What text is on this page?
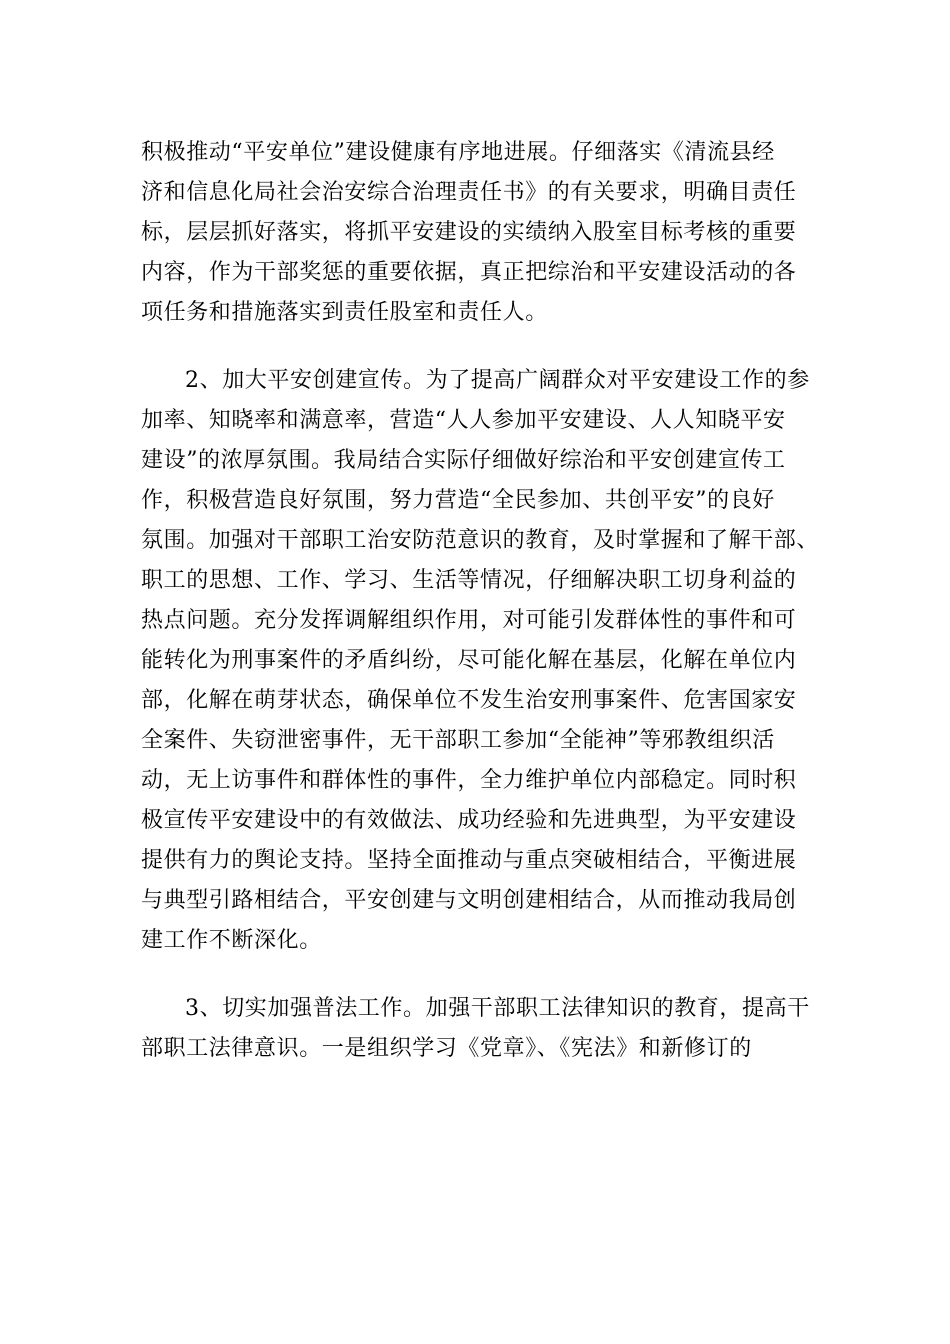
积极推动“平安单位”建设健康有序地进展。仔细落实《清流县经
济和信息化局社会治安综合治理责任书》的有关要求，明确目责任
标，层层抓好落实，将抓平安建设的实绩纳入股室目标考核的重要
内容，作为干部奖惩的重要依据，真正把综治和平安建设活动的各
项任务和措施落实到责任股室和责任人。
2、加大平安创建宣传。为了提高广阔群众对平安建设工作的参
加率、知晓率和满意率，营造“人人参加平安建设、人人知晓平安
建设”的浓厚氛围。我局结合实际仔细做好综治和平安创建宣传工
作，积极营造良好氛围，努力营造“全民参加、共创平安”的良好
氛围。加强对干部职工治安防范意识的教育，及时掌握和了解干部、
职工的思想、工作、学习、生活等情况，仔细解决职工切身利益的
热点问题。充分发挥调解组织作用，对可能引发群体性的事件和可
能转化为刑事案件的矛盾纠纷，尽可能化解在基层，化解在单位内
部，化解在萌芽状态，确保单位不发生治安刑事案件、危害国家安
全案件、失窃泄密事件，无干部职工参加“全能神”等邪教组织活
动，无上访事件和群体性的事件，全力维护单位内部稳定。同时积
极宣传平安建设中的有效做法、成功经验和先进典型，为平安建设
提供有力的舆论支持。坚持全面推动与重点突破相结合，平衡进展
与典型引路相结合，平安创建与文明创建相结合，从而推动我局创
建工作不断深化。
3、切实加强普法工作。加强干部职工法律知识的教育，提高干
部职工法律意识。一是组织学习《党章》、《宪法》和新修订的
